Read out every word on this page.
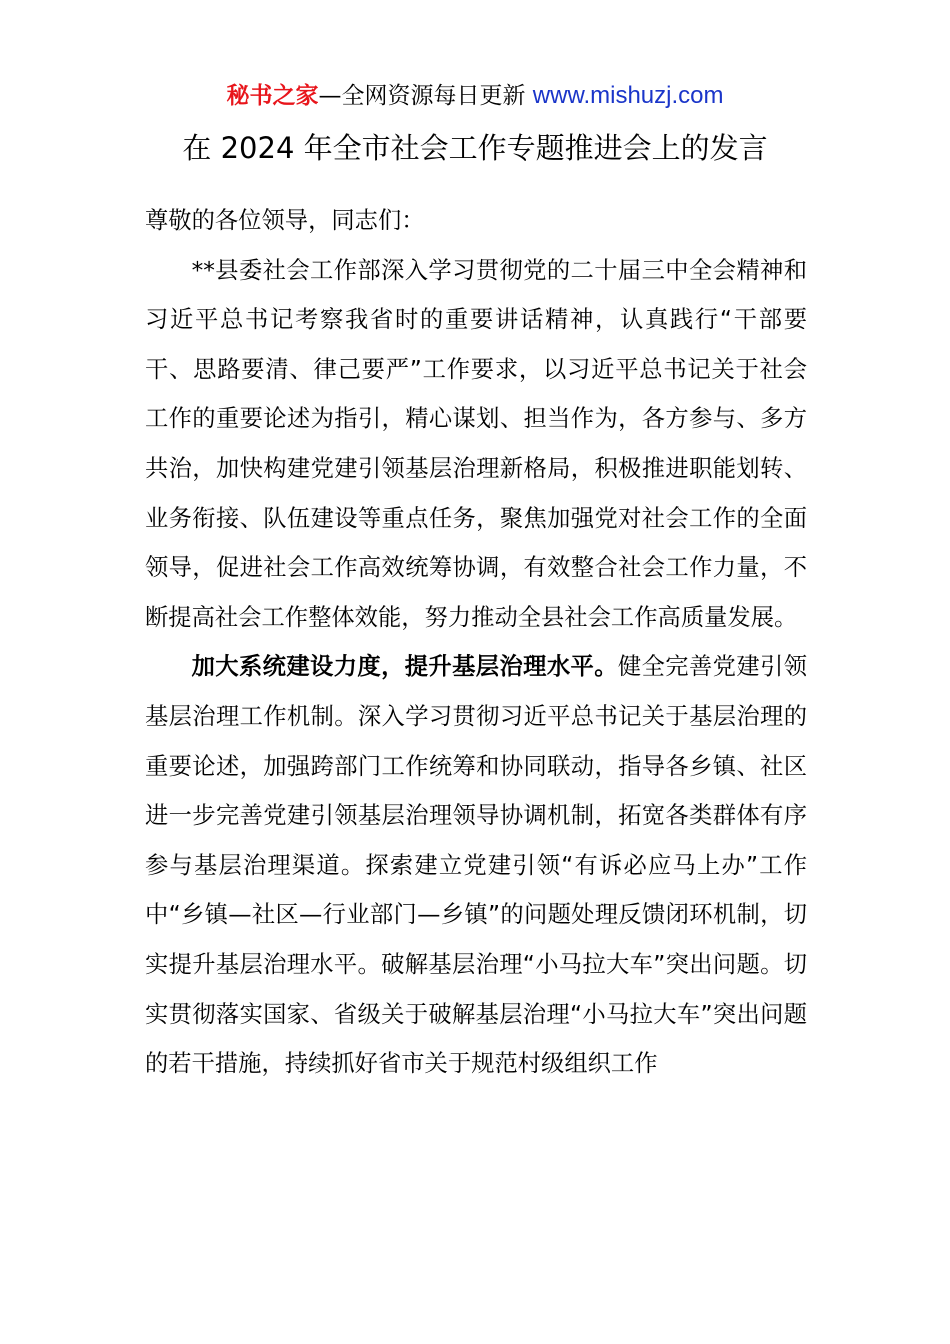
秘书之家—全网资源每日更新 www.mishuzj.com
在 2024 年全市社会工作专题推进会上的发言

尊敬的各位领导，同志们：

**县委社会工作部深入学习贯彻党的二十届三中全会精神和习近平总书记考察我省时的重要讲话精神，认真践行“干部要干、思路要清、律己要严”工作要求，以习近平总书记关于社会工作的重要论述为指引，精心谋划、担当作为，各方参与、多方共治，加快构建党建引领基层治理新格局，积极推进职能划转、业务衔接、队伍建设等重点任务，聚焦加强党对社会工作的全面领导，促进社会工作高效统筹协调，有效整合社会工作力量，不断提高社会工作整体效能，努力推动全县社会工作高质量发展。

加大系统建设力度，提升基层治理水平。健全完善党建引领基层治理工作机制。深入学习贯彻习近平总书记关于基层治理的重要论述，加强跨部门工作统筹和协同联动，指导各乡镇、社区进一步完善党建引领基层治理领导协调机制，拓宽各类群体有序参与基层治理渠道。探索建立党建引领“有诉必应马上办”工作中“乡镇—社区—行业部门—乡镇”的问题处理反馈闭环机制，切实提升基层治理水平。破解基层治理“小马拉大车”突出问题。切实贯彻落实国家、省级关于破解基层治理“小马拉大车”突出问题的若干措施，持续抓好省市关于规范村级组织工作
